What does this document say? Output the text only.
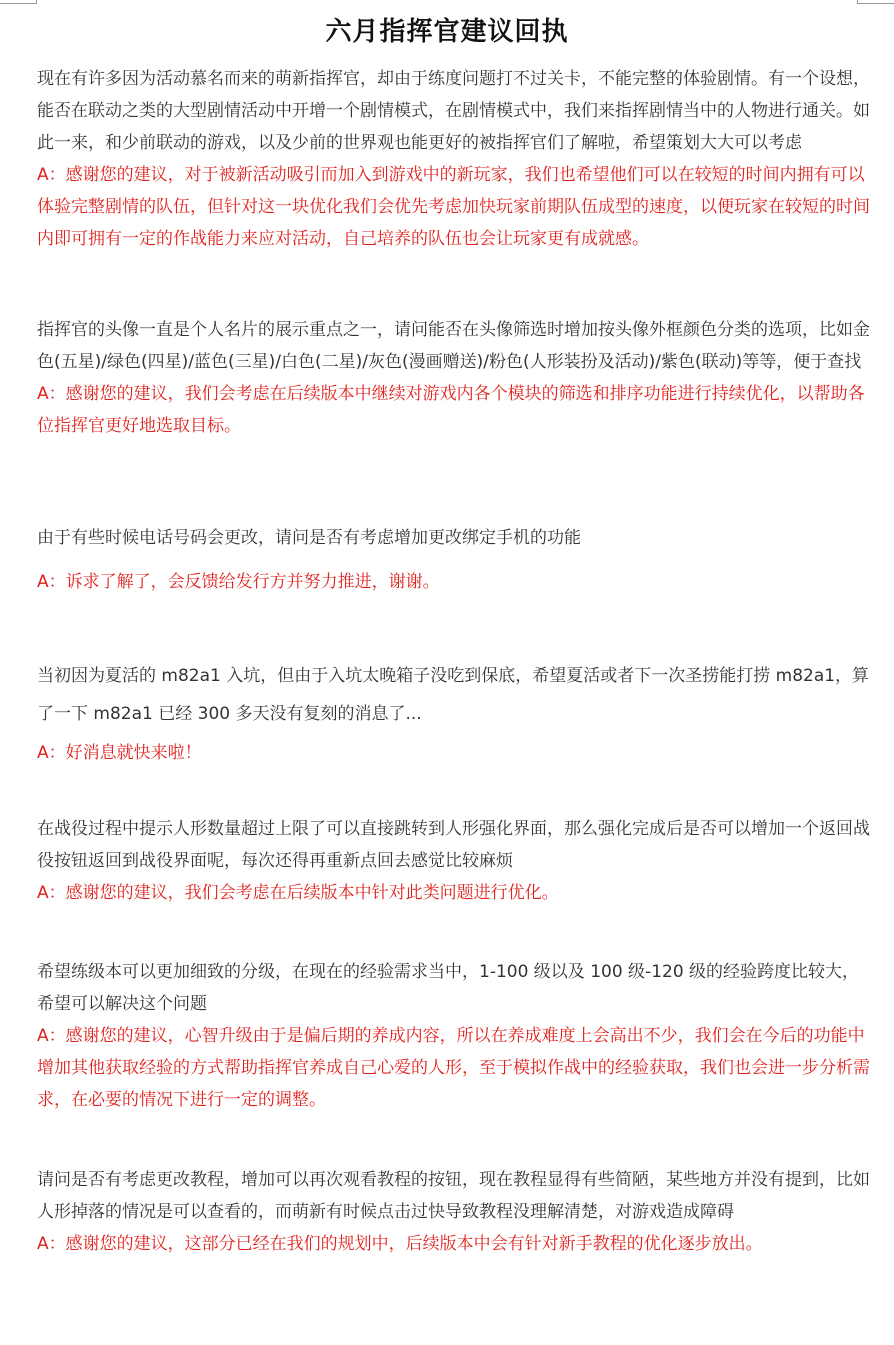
六月指挥官建议回执

现在有许多因为活动慕名而来的萌新指挥官，却由于练度问题打不过关卡，不能完整的体验剧情。有一个设想，能否在联动之类的大型剧情活动中开增一个剧情模式，在剧情模式中，我们来指挥剧情当中的人物进行通关。如此一来，和少前联动的游戏，以及少前的世界观也能更好的被指挥官们了解啦，希望策划大大可以考虑

A：感谢您的建议，对于被新活动吸引而加入到游戏中的新玩家，我们也希望他们可以在较短的时间内拥有可以体验完整剧情的队伍，但针对这一块优化我们会优先考虑加快玩家前期队伍成型的速度，以便玩家在较短的时间内即可拥有一定的作战能力来应对活动，自己培养的队伍也会让玩家更有成就感。

指挥官的头像一直是个人名片的展示重点之一，请问能否在头像筛选时增加按头像外框颜色分类的选项，比如金色(五星)/绿色(四星)/蓝色(三星)/白色(二星)/灰色(漫画赠送)/粉色(人形装扮及活动)/紫色(联动)等等，便于查找

A：感谢您的建议，我们会考虑在后续版本中继续对游戏内各个模块的筛选和排序功能进行持续优化，以帮助各位指挥官更好地选取目标。

由于有些时候电话号码会更改，请问是否有考虑增加更改绑定手机的功能

A：诉求了解了，会反馈给发行方并努力推进，谢谢。

当初因为夏活的 m82a1 入坑，但由于入坑太晚箱子没吃到保底，希望夏活或者下一次圣捞能打捞 m82a1，算了一下 m82a1 已经 300 多天没有复刻的消息了...

A：好消息就快来啦！

在战役过程中提示人形数量超过上限了可以直接跳转到人形强化界面，那么强化完成后是否可以增加一个返回战役按钮返回到战役界面呢，每次还得再重新点回去感觉比较麻烦

A：感谢您的建议，我们会考虑在后续版本中针对此类问题进行优化。

希望练级本可以更加细致的分级，在现在的经验需求当中，1-100 级以及 100 级-120 级的经验跨度比较大，希望可以解决这个问题

A：感谢您的建议，心智升级由于是偏后期的养成内容，所以在养成难度上会高出不少，我们会在今后的功能中增加其他获取经验的方式帮助指挥官养成自己心爱的人形，至于模拟作战中的经验获取，我们也会进一步分析需求，在必要的情况下进行一定的调整。

请问是否有考虑更改教程，增加可以再次观看教程的按钮，现在教程显得有些简陋，某些地方并没有提到，比如人形掉落的情况是可以查看的，而萌新有时候点击过快导致教程没理解清楚，对游戏造成障碍

A：感谢您的建议，这部分已经在我们的规划中，后续版本中会有针对新手教程的优化逐步放出。
